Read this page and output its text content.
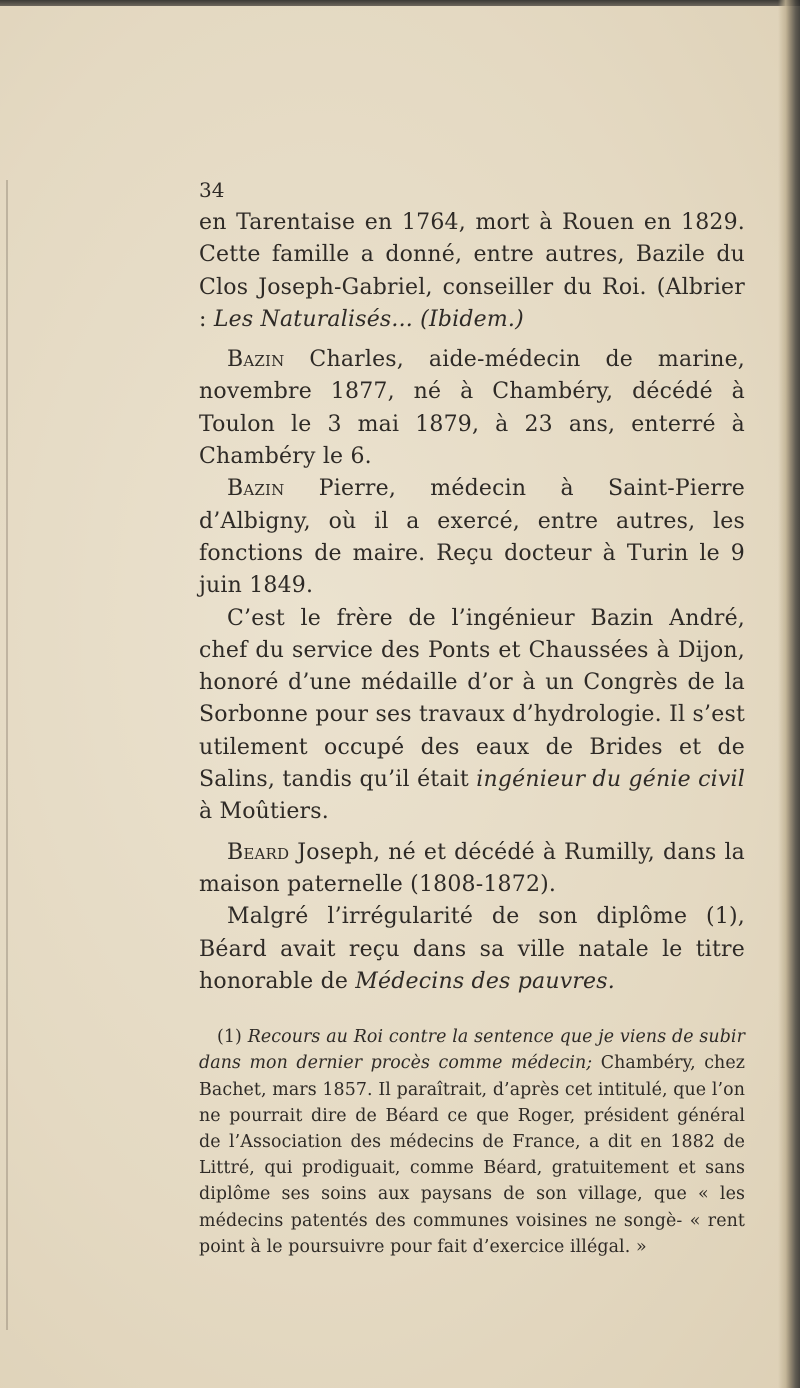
34

en Tarentaise en 1764, mort à Rouen en 1829. Cette famille a donné, entre autres, Bazile du Clos Joseph-Gabriel, conseiller du Roi. (Albrier : Les Naturalisés... (Ibidem.)

Bazin Charles, aide-médecin de marine, novembre 1877, né à Chambéry, décédé à Toulon le 3 mai 1879, à 23 ans, enterré à Chambéry le 6.

Bazin Pierre, médecin à Saint-Pierre d’Albigny, où il a exercé, entre autres, les fonctions de maire. Reçu docteur à Turin le 9 juin 1849.

C’est le frère de l’ingénieur Bazin André, chef du service des Ponts et Chaussées à Dijon, honoré d’une médaille d’or à un Congrès de la Sorbonne pour ses travaux d’hydrologie. Il s’est utilement occupé des eaux de Brides et de Salins, tandis qu’il était ingénieur du génie civil à Moûtiers.

Beard Joseph, né et décédé à Rumilly, dans la maison paternelle (1808-1872).

Malgré l’irrégularité de son diplôme (1), Béard avait reçu dans sa ville natale le titre honorable de Médecins des pauvres.

(1) Recours au Roi contre la sentence que je viens de subir dans mon dernier procès comme médecin; Chambéry, chez Bachet, mars 1857. Il paraîtrait, d’après cet intitulé, que l’on ne pourrait dire de Béard ce que Roger, président général de l’Association des médecins de France, a dit en 1882 de Littré, qui prodiguait, comme Béard, gratuitement et sans diplôme ses soins aux paysans de son village, que « les médecins patentés des communes voisines ne songè- « rent point à le poursuivre pour fait d’exercice illégal. »
